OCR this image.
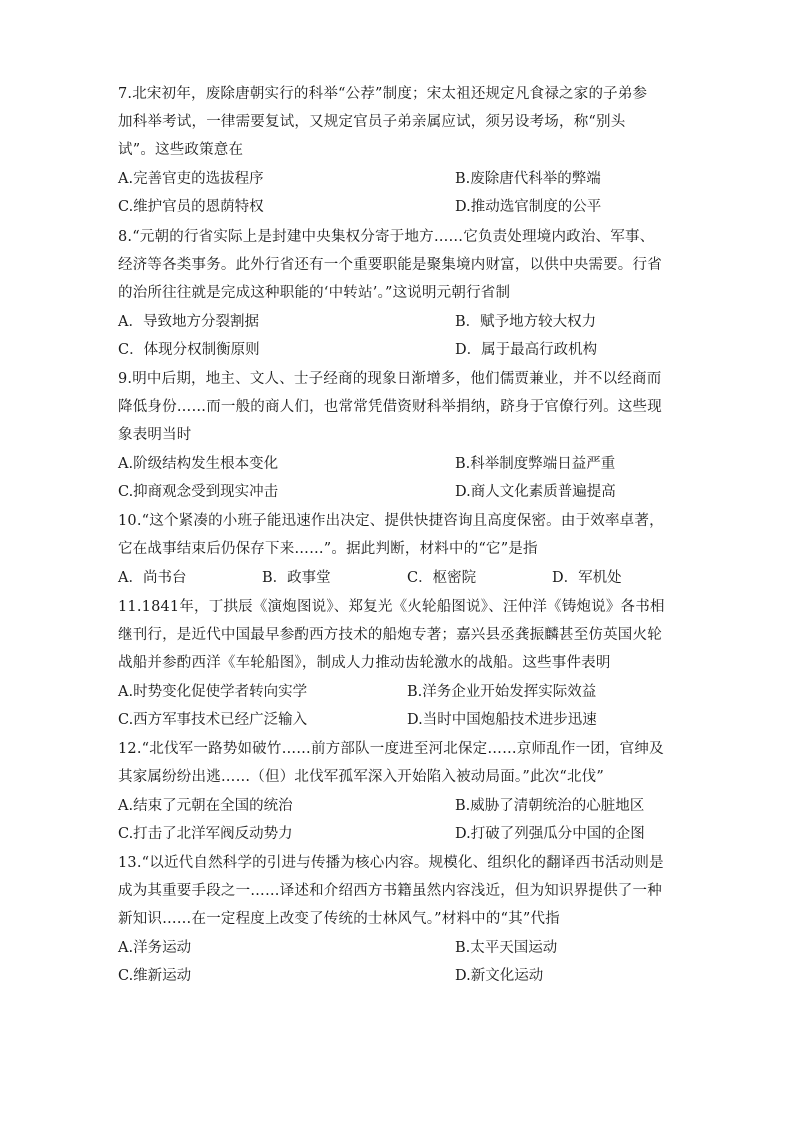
7.北宋初年，废除唐朝实行的科举“公荐”制度；宋太祖还规定凡食禄之家的子弟参
加科举考试，一律需要复试，又规定官员子弟亲属应试，须另设考场，称“别头
试”。这些政策意在
A.完善官吏的选拔程序	B.废除唐代科举的弊端
C.维护官员的恩荫特权	D.推动选官制度的公平
8.“元朝的行省实际上是封建中央集权分寄于地方……它负责处理境内政治、军事、
经济等各类事务。此外行省还有一个重要职能是聚集境内财富，以供中央需要。行省
的治所往往就是完成这种职能的‘中转站’。”这说明元朝行省制
A．导致地方分裂割据	B．赋予地方较大权力
C．体现分权制衡原则	D．属于最高行政机构
9.明中后期，地主、文人、士子经商的现象日渐增多，他们儒贾兼业，并不以经商而
降低身份……而一般的商人们，也常常凭借资财科举捐纳，跻身于官僚行列。这些现
象表明当时
A.阶级结构发生根本变化	B.科举制度弊端日益严重
C.抑商观念受到现实冲击	D.商人文化素质普遍提高
10.“这个紧凑的小班子能迅速作出决定、提供快捷咨询且高度保密。由于效率卓著，
它在战事结束后仍保存下来……”。据此判断，材料中的“它”是指
A．尚书台	B．政事堂	C．枢密院	D．军机处
11.1841年，丁拱辰《演炮图说》、郑复光《火轮船图说》、汪仲洋《铸炮说》各书相
继刊行，是近代中国最早参酌西方技术的船炮专著；嘉兴县丞龚振麟甚至仿英国火轮
战船并参酌西洋《车轮船图》，制成人力推动齿轮激水的战船。这些事件表明
A.时势变化促使学者转向实学	B.洋务企业开始发挥实际效益
C.西方军事技术已经广泛输入	D.当时中国炮船技术进步迅速
12.“北伐军一路势如破竹……前方部队一度进至河北保定……京师乱作一团，官绅及
其家属纷纷出逃……（但）北伐军孤军深入开始陷入被动局面。”此次“北伐”
A.结束了元朝在全国的统治	B.威胁了清朝统治的心脏地区
C.打击了北洋军阀反动势力	D.打破了列强瓜分中国的企图
13.“以近代自然科学的引进与传播为核心内容。规模化、组织化的翻译西书活动则是
成为其重要手段之一……译述和介绍西方书籍虽然内容浅近，但为知识界提供了一种
新知识……在一定程度上改变了传统的士林风气。”材料中的“其”代指
A.洋务运动	B.太平天国运动
C.维新运动	D.新文化运动
